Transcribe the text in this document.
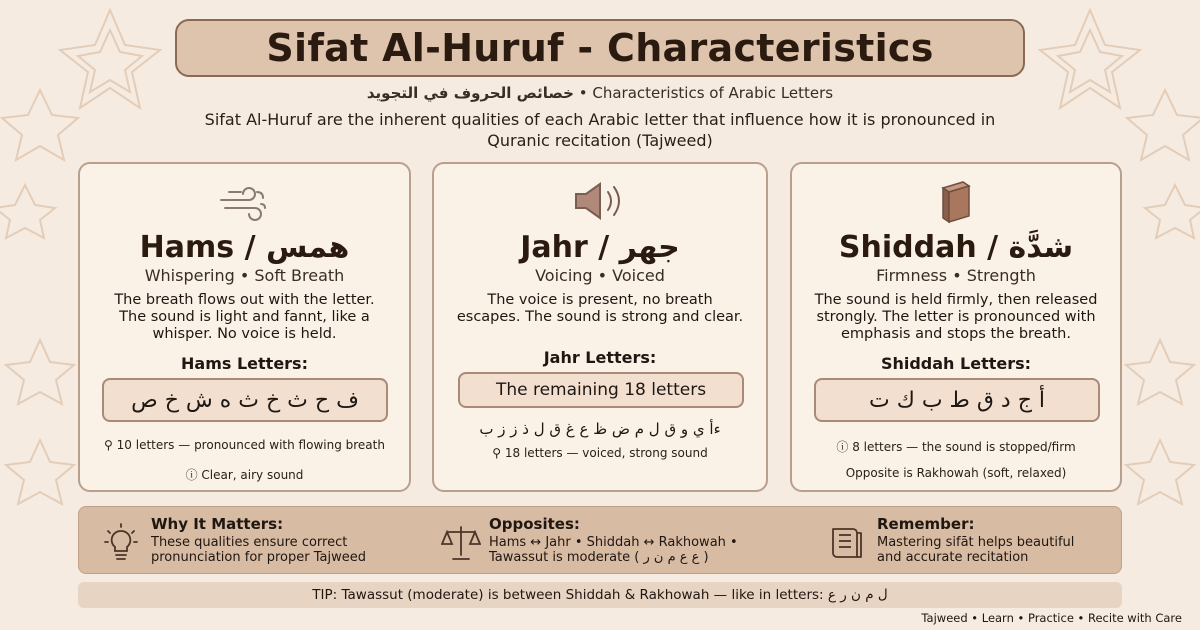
Sifat Al-Huruf - Characteristics
خصائص الحروف في التجويد • Characteristics of Arabic Letters
Sifat Al-Huruf are the inherent qualities of each Arabic letter that influence how it is pronounced in Quranic recitation (Tajweed)
Hams / همس
Whispering • Soft Breath
The breath flows out with the letter. The sound is light and fannt, like a whisper. No voice is held.
Hams Letters:
ف ح ث خ ث ه ش خ ص
⚲ 10 letters — pronounced with flowing breath
ⓘ Clear, airy sound
Jahr / جهر
Voicing • Voiced
The voice is present, no breath escapes. The sound is strong and clear.
Jahr Letters:
The remaining 18 letters
ءأ ي و ق ل م ض ظ ع غ ق ل ذ ز ز ب
⚲ 18 letters — voiced, strong sound
Shiddah / شدَّة
Firmness • Strength
The sound is held firmly, then released strongly. The letter is pronounced with emphasis and stops the breath.
Shiddah Letters:
أ ج د ق ط ب ك ت
ⓘ 8 letters — the sound is stopped/firm
Opposite is Rakhowah (soft, relaxed)
Why It Matters:
These qualities ensure correct
pronunciation for proper Tajweed
Opposites:
Hams ↔ Jahr • Shiddah ↔ Rakhowah •
Tawassut is moderate ( ع ع م ن ر )
Remember:
Mastering sifāt helps beautiful
and accurate recitation
TIP: Tawassut (moderate) is between Shiddah & Rakhowah — like in letters: ل م ن ر ع
Tajweed • Learn • Practice • Recite with Care
